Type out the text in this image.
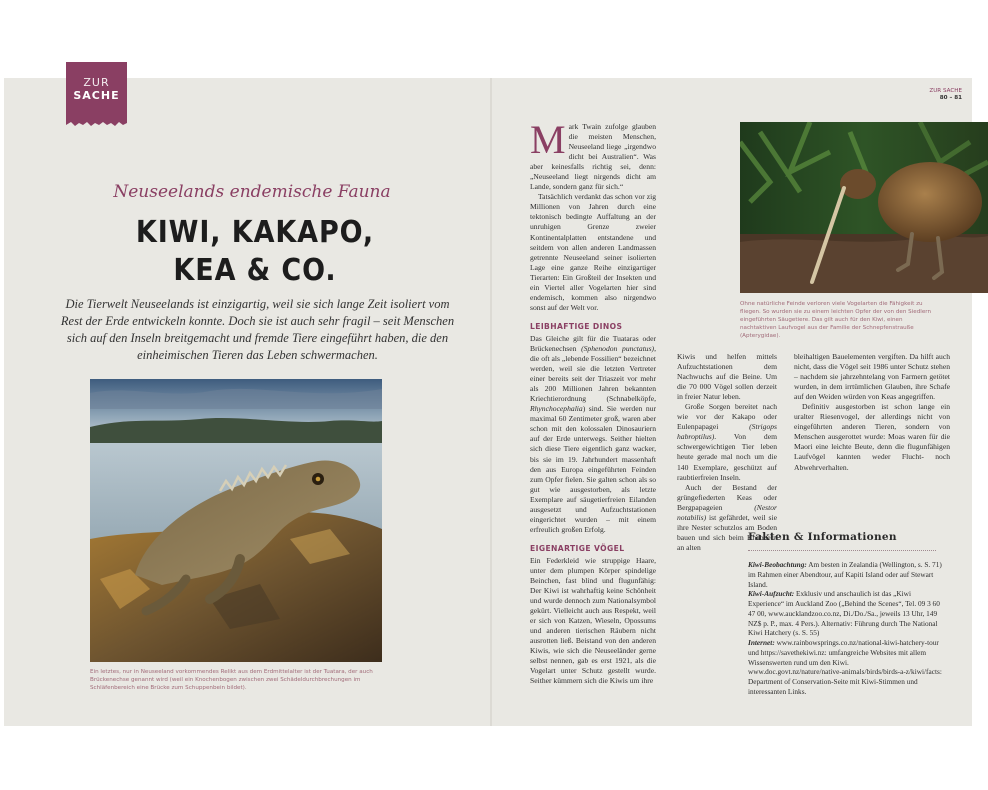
ZUR
SACHE	ZUR SACHE
80 – 81
Neuseelands endemische Fauna
KIWI, KAKAPO,
KEA & CO.
Die Tierwelt Neuseelands ist einzigartig, weil sie sich lange Zeit isoliert vom Rest der Erde entwickeln konnte. Doch sie ist auch sehr fragil – seit Menschen sich auf den Inseln breitgemacht und fremde Tiere eingeführt haben, die den einheimischen Tieren das Leben schwermachen.
Ein letztes, nur in Neuseeland vorkommendes Relikt aus dem Erdmittelalter ist der Tuatara, der auch Brückenechse genannt wird (weil ein Knochenbogen zwischen zwei Schädeldurchbrechungen im Schläfenbereich eine Brücke zum Schuppenbein bildet).
Ohne natürliche Feinde verloren viele Vogelarten die Fähigkeit zu fliegen. So wurden sie zu einem leichten Opfer der von den Siedlern eingeführten Säugetiere. Das gilt auch für den Kiwi, einen nachtaktiven Laufvogel aus der Familie der Schnepfenstrauße (Apterygidae).

Mark Twain zufolge glauben die meisten Menschen, Neuseeland liege „irgendwo dicht bei Australien“. Was aber keinesfalls richtig sei, denn: „Neuseeland liegt nirgends dicht am Lande, sondern ganz für sich.“

Tatsächlich verdankt das schon vor zig Millionen von Jahren durch eine tektonisch bedingte Auffaltung an der unruhigen Grenze zweier Kontinentalplatten entstandene und seitdem von allen anderen Landmassen getrennte Neuseeland seiner isolierten Lage eine ganze Reihe einzigartiger Tierarten: Ein Großteil der Insekten und ein Viertel aller Vogelarten hier sind endemisch, kommen also nirgendwo sonst auf der Welt vor.

LEIBHAFTIGE DINOS

Das Gleiche gilt für die Tuataras oder Brückenechsen (Sphenodon punctatus), die oft als „lebende Fossilien“ bezeichnet werden, weil sie die letzten Vertreter einer bereits seit der Triaszeit vor mehr als 200 Millionen Jahren bekannten Kriechtierordnung (Schnabelköpfe, Rhynchocephalia) sind. Sie werden nur maximal 60 Zentimeter groß, waren aber schon mit den kolossalen Dinosauriern auf der Erde unterwegs. Seither hielten sich diese Tiere eigentlich ganz wacker, bis sie im 19. Jahrhundert massenhaft den aus Europa eingeführten Feinden zum Opfer fielen. Sie galten schon als so gut wie ausgestorben, als letzte Exemplare auf säugetierfreien Eilanden ausgesetzt und Aufzuchtstationen eingerichtet wurden – mit einem erfreulich großen Erfolg.

EIGENARTIGE VÖGEL

Ein Federkleid wie struppige Haare, unter dem plumpen Körper spindelige Beinchen, fast blind und flugunfähig: Der Kiwi ist wahrhaftig keine Schönheit und wurde dennoch zum Nationalsymbol gekürt. Vielleicht auch aus Respekt, weil er sich von Katzen, Wieseln, Opossums und anderen tierischen Räubern nicht ausrotten ließ. Beistand von den anderen Kiwis, wie sich die Neuseeländer gerne selbst nennen, gab es erst 1921, als die Vogelart unter Schutz gestellt wurde. Seither kümmern sich die Kiwis um ihre

Kiwis und helfen mittels Aufzuchtstationen dem Nachwuchs auf die Beine. Um die 70 000 Vögel sollen derzeit in freier Natur leben.

Große Sorgen bereitet nach wie vor der Kakapo oder Eulenpapagei (Strigops habroptilus). Von dem schwergewichtigen Tier leben heute gerade mal noch um die 140 Exemplare, geschützt auf raubtierfreien Inseln.

Auch der Bestand der grüngefiederten Keas oder Bergpapageien (Nestor notabilis) ist gefährdet, weil sie ihre Nester schutzlos am Boden bauen und sich beim Knabbern an alten

bleihaltigen Bauelementen vergiften. Da hilft auch nicht, dass die Vögel seit 1986 unter Schutz stehen – nachdem sie jahrzehntelang von Farmern getötet wurden, in dem irrtümlichen Glauben, ihre Schafe auf den Weiden würden von Keas angegriffen.

Definitiv ausgestorben ist schon lange ein uralter Riesenvogel, der allerdings nicht von eingeführten anderen Tieren, sondern von Menschen ausgerottet wurde: Moas waren für die Maori eine leichte Beute, denn die flugunfähigen Laufvögel kannten weder Flucht- noch Abwehrverhalten.

Fakten & Informationen

Kiwi-Beobachtung: Am besten in Zealandia (Wellington, s. S. 71) im Rahmen einer Abendtour, auf Kapiti Island oder auf Stewart Island.

Kiwi-Aufzucht: Exklusiv und anschaulich ist das „Kiwi Experience“ im Auckland Zoo („Behind the Scenes“, Tel. 09 3 60 47 00, www.aucklandzoo.co.nz, Di./Do./Sa., jeweils 13 Uhr, 149 NZ$ p. P., max. 4 Pers.). Alternativ: Führung durch The National Kiwi Hatchery (s. S. 55)

Internet: www.rainbowsprings.co.nz/national-kiwi-hatchery-tour und https://savethekiwi.nz: umfangreiche Websites mit allem Wissenswerten rund um den Kiwi. www.doc.govt.nz/nature/native-animals/birds/birds-a-z/kiwi/facts: Department of Conservation-Seite mit Kiwi-Stimmen und interessanten Links.
